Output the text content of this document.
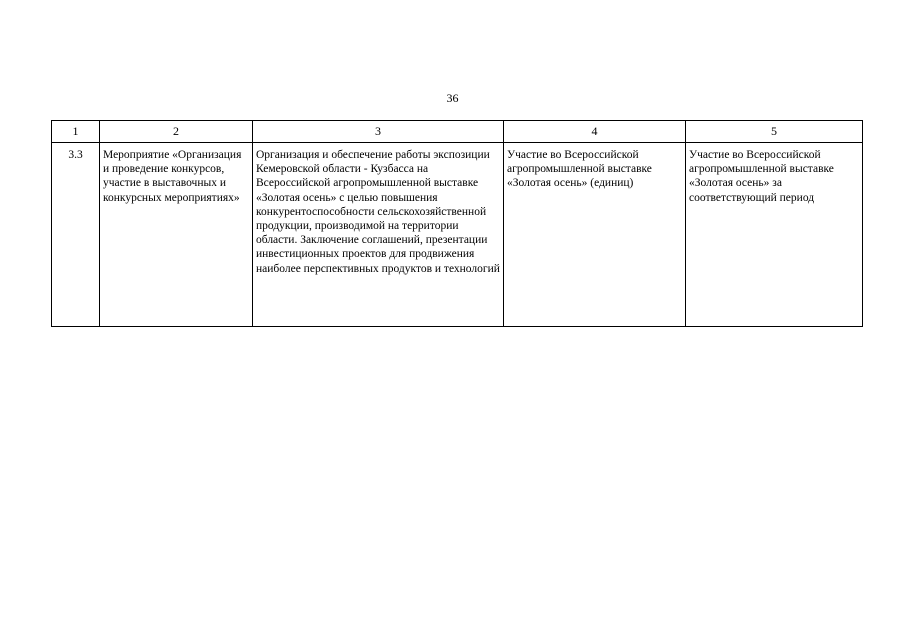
36
1	2	3	4	5
3.3	Мероприятие «Организация и проведение конкурсов, участие в выставочных и конкурсных мероприятиях»	Организация и обеспечение работы экспозиции Кемеровской области - Кузбасса на Всероссийской агропромышленной выставке «Золотая осень» с целью повышения конкурентоспособности сельскохозяйственной продукции, производимой на территории области. Заключение соглашений, презентации инвестиционных проектов для продвижения наиболее перспективных продуктов и технологий	Участие во Всероссийской агропромышленной выставке «Золотая осень» (единиц)	Участие во Всероссийской агропромышленной выставке «Золотая осень» за соответствующий период
